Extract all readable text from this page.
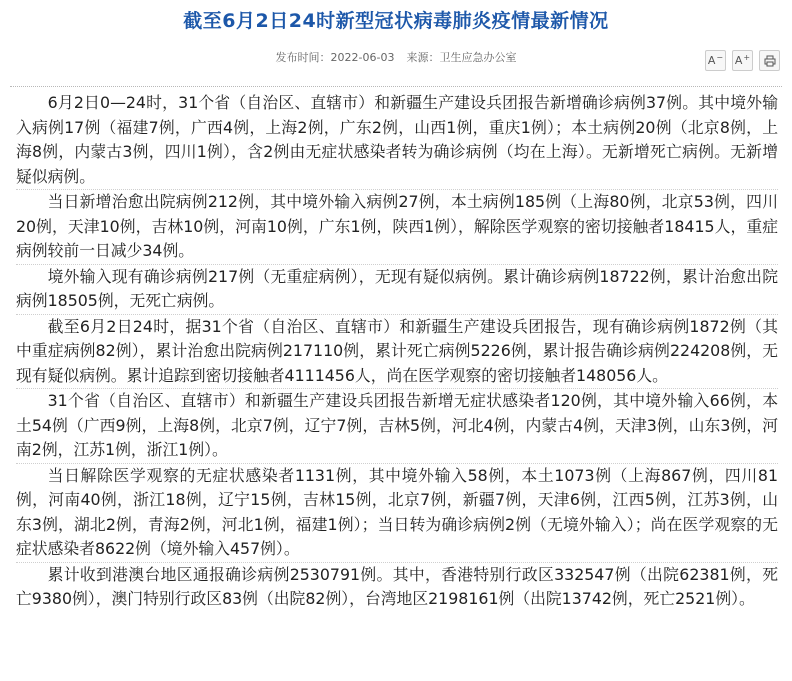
截至6月2日24时新型冠状病毒肺炎疫情最新情况
发布时间：2022-06-03 来源：卫生应急办公室	A− A+

6月2日0—24时，31个省（自治区、直辖市）和新疆生产建设兵团报告新增确诊病例37例。其中境外输入病例17例（福建7例，广西4例，上海2例，广东2例，山西1例，重庆1例）；本土病例20例（北京8例，上海8例，内蒙古3例，四川1例），含2例由无症状感染者转为确诊病例（均在上海）。无新增死亡病例。无新增疑似病例。

当日新增治愈出院病例212例，其中境外输入病例27例，本土病例185例（上海80例，北京53例，四川20例，天津10例，吉林10例，河南10例，广东1例，陕西1例），解除医学观察的密切接触者18415人，重症病例较前一日减少34例。

境外输入现有确诊病例217例（无重症病例），无现有疑似病例。累计确诊病例18722例，累计治愈出院病例18505例，无死亡病例。

截至6月2日24时，据31个省（自治区、直辖市）和新疆生产建设兵团报告，现有确诊病例1872例（其中重症病例82例），累计治愈出院病例217110例，累计死亡病例5226例，累计报告确诊病例224208例，无现有疑似病例。累计追踪到密切接触者4111456人，尚在医学观察的密切接触者148056人。

31个省（自治区、直辖市）和新疆生产建设兵团报告新增无症状感染者120例，其中境外输入66例，本土54例（广西9例，上海8例，北京7例，辽宁7例，吉林5例，河北4例，内蒙古4例，天津3例，山东3例，河南2例，江苏1例，浙江1例）。

当日解除医学观察的无症状感染者1131例，其中境外输入58例，本土1073例（上海867例，四川81例，河南40例，浙江18例，辽宁15例，吉林15例，北京7例，新疆7例，天津6例，江西5例，江苏3例，山东3例，湖北2例，青海2例，河北1例，福建1例）；当日转为确诊病例2例（无境外输入）；尚在医学观察的无症状感染者8622例（境外输入457例）。

累计收到港澳台地区通报确诊病例2530791例。其中，香港特别行政区332547例（出院62381例，死亡9380例），澳门特别行政区83例（出院82例），台湾地区2198161例（出院13742例，死亡2521例）。
